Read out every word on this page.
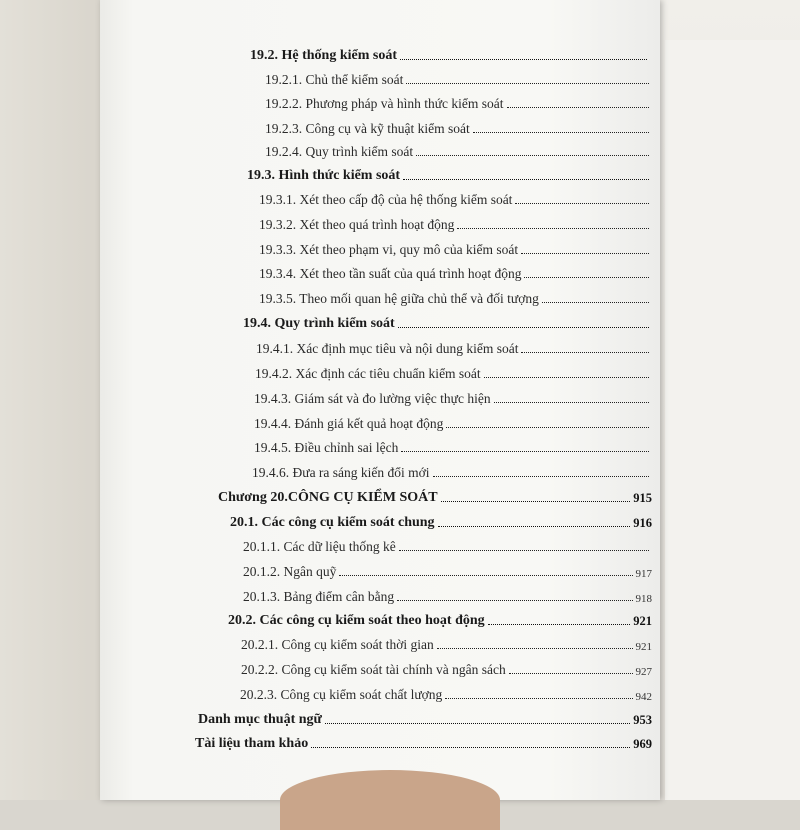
19.2. Hệ thống kiểm soát
19.2.1. Chủ thể kiểm soát
19.2.2. Phương pháp và hình thức kiểm soát
19.2.3. Công cụ và kỹ thuật kiểm soát
19.2.4. Quy trình kiểm soát
19.3. Hình thức kiểm soát
19.3.1. Xét theo cấp độ của hệ thống kiểm soát
19.3.2. Xét theo quá trình hoạt động
19.3.3. Xét theo phạm vi, quy mô của kiểm soát
19.3.4. Xét theo tần suất của quá trình hoạt động
19.3.5. Theo mối quan hệ giữa chủ thể và đối tượng
19.4. Quy trình kiểm soát
19.4.1. Xác định mục tiêu và nội dung kiểm soát
19.4.2. Xác định các tiêu chuẩn kiểm soát
19.4.3. Giám sát và đo lường việc thực hiện
19.4.4. Đánh giá kết quả hoạt động
19.4.5. Điều chỉnh sai lệch
19.4.6. Đưa ra sáng kiến đổi mới
Chương 20.CÔNG CỤ KIỂM SOÁT	915
20.1. Các công cụ kiểm soát chung	916
20.1.1. Các dữ liệu thống kê
20.1.2. Ngân quỹ	917
20.1.3. Bảng điểm cân bằng	918
20.2. Các công cụ kiểm soát theo hoạt động	921
20.2.1. Công cụ kiểm soát thời gian	921
20.2.2. Công cụ kiểm soát tài chính và ngân sách	927
20.2.3. Công cụ kiểm soát chất lượng	942
Danh mục thuật ngữ	953
Tài liệu tham khảo	969
